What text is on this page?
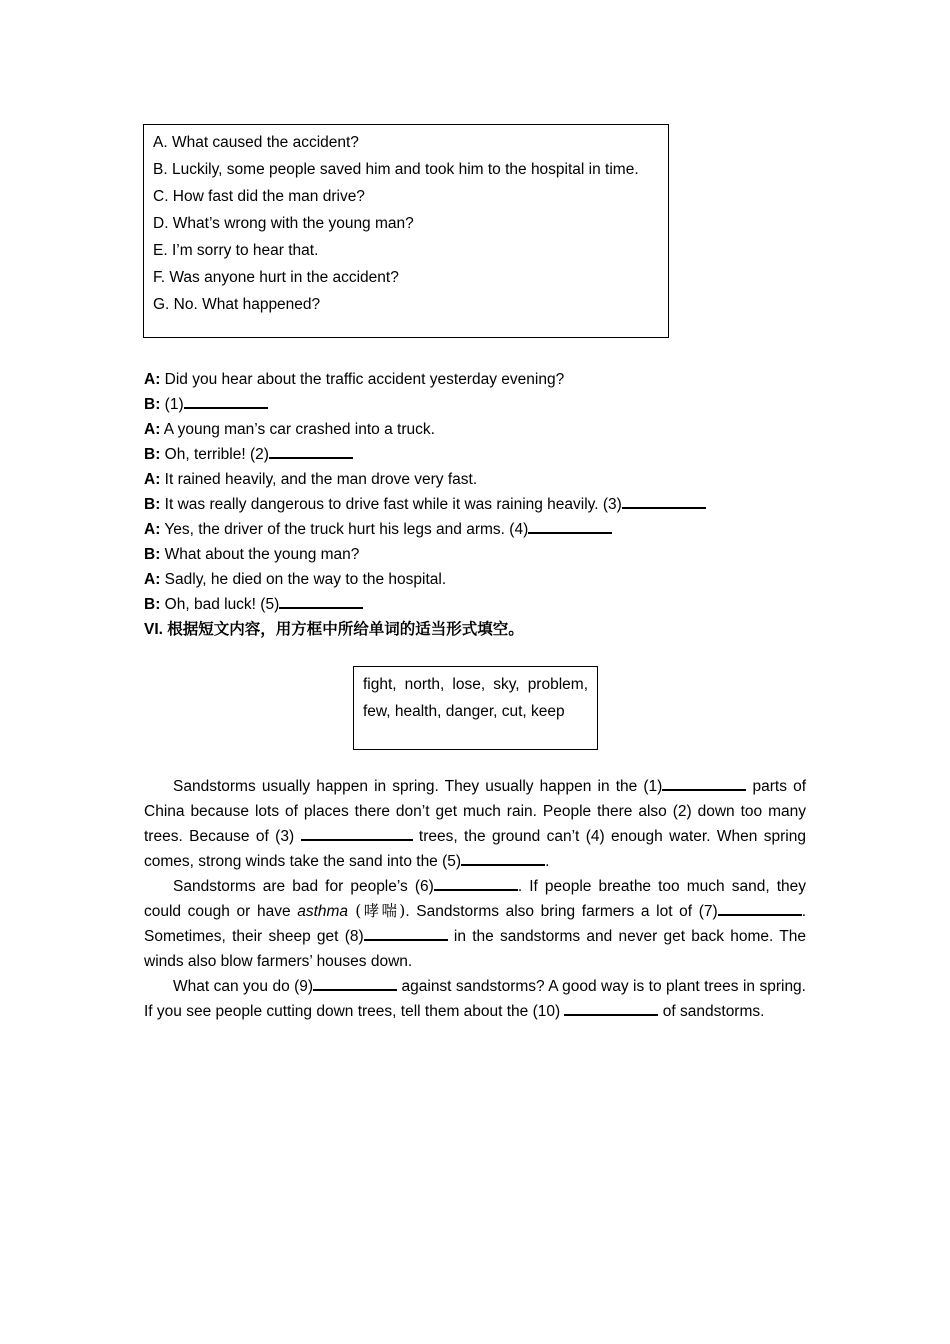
A. What caused the accident?
B. Luckily, some people saved him and took him to the hospital in time.
C. How fast did the man drive?
D. What’s wrong with the young man?
E. I’m sorry to hear that.
F. Was anyone hurt in the accident?
G. No. What happened?
A: Did you hear about the traffic accident yesterday evening?
B: (1)
A: A young man’s car crashed into a truck.
B: Oh, terrible! (2)
A: It rained heavily, and the man drove very fast.
B: It was really dangerous to drive fast while it was raining heavily. (3)
A: Yes, the driver of the truck hurt his legs and arms. (4)
B: What about the young man?
A: Sadly, he died on the way to the hospital.
B: Oh, bad luck! (5)
VI. 根据短文内容，用方框中所给单词的适当形式填空。
fight, north, lose, sky, problem, few, health, danger, cut, keep

Sandstorms usually happen in spring. They usually happen in the (1)	parts of China because lots of places there don’t get much rain. People there also (2) down too many trees. Because of (3)	trees, the ground can’t (4) enough water. When spring comes, strong winds take the sand into the (5)	.

Sandstorms are bad for people’s (6)	. If people breathe too much sand, they could cough or have asthma (哮喘). Sandstorms also bring farmers a lot of (7)	. Sometimes, their sheep get (8)	in the sandstorms and never get back home. The winds also blow farmers’ houses down.

What can you do (9)	against sandstorms? A good way is to plant trees in spring. If you see people cutting down trees, tell them about the (10)	of sandstorms.
